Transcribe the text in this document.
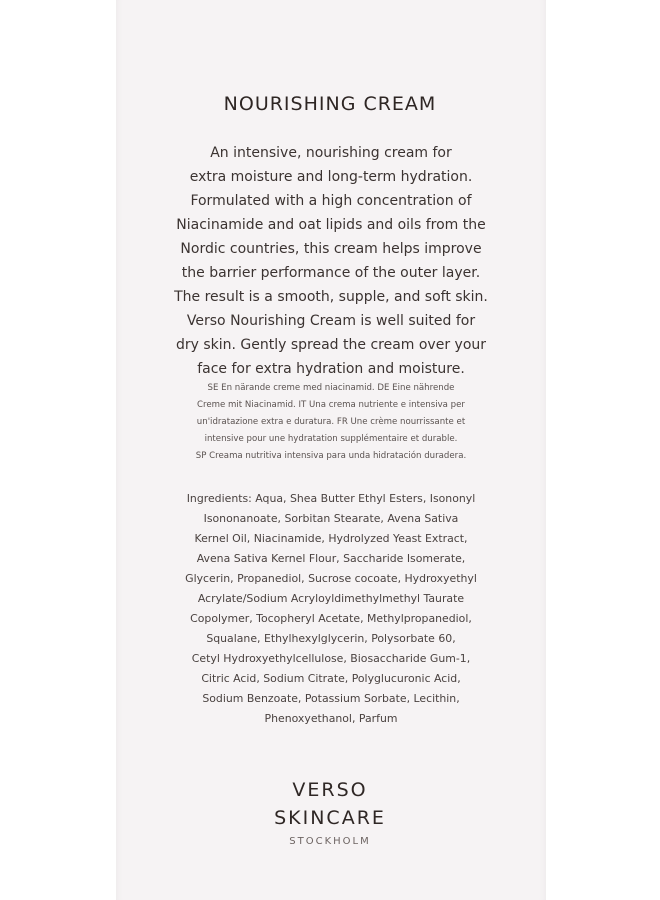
NOURISHING CREAM
An intensive, nourishing cream for
extra moisture and long-term hydration.
Formulated with a high concentration of
Niacinamide and oat lipids and oils from the
Nordic countries, this cream helps improve
the barrier performance of the outer layer.
The result is a smooth, supple, and soft skin.
Verso Nourishing Cream is well suited for
dry skin. Gently spread the cream over your
face for extra hydration and moisture.
SE En närande creme med niacinamid. DE Eine nährende
Creme mit Niacinamid. IT Una crema nutriente e intensiva per
un'idratazione extra e duratura. FR Une crème nourrissante et
intensive pour une hydratation supplémentaire et durable.
SP Creama nutritiva intensiva para unda hidratación duradera.
Ingredients: Aqua, Shea Butter Ethyl Esters, Isononyl
Isononanoate, Sorbitan Stearate, Avena Sativa
Kernel Oil, Niacinamide, Hydrolyzed Yeast Extract,
Avena Sativa Kernel Flour, Saccharide Isomerate,
Glycerin, Propanediol, Sucrose cocoate, Hydroxyethyl
Acrylate/Sodium Acryloyldimethylmethyl Taurate
Copolymer, Tocopheryl Acetate, Methylpropanediol,
Squalane, Ethylhexylglycerin, Polysorbate 60,
Cetyl Hydroxyethylcellulose, Biosaccharide Gum-1,
Citric Acid, Sodium Citrate, Polyglucuronic Acid,
Sodium Benzoate, Potassium Sorbate, Lecithin,
Phenoxyethanol, Parfum
VERSO
SKINCARE
STOCKHOLM
